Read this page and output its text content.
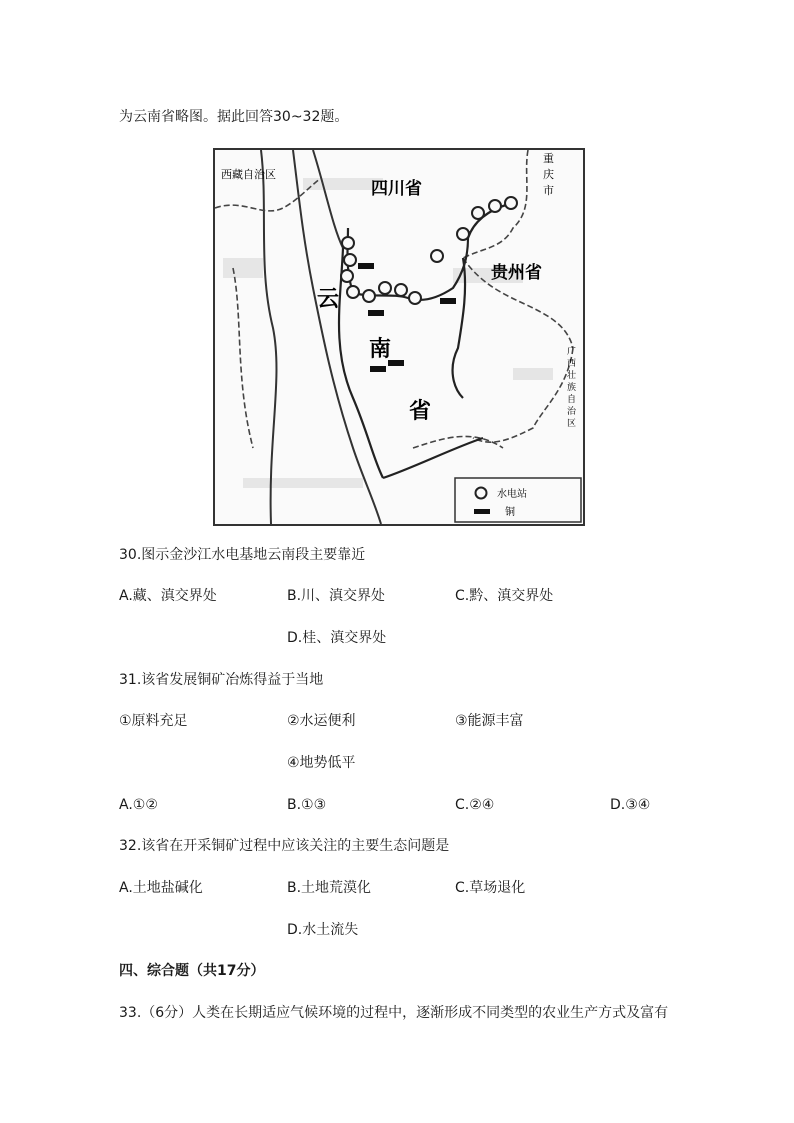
为云南省略图。据此回答30~32题。
西藏自治区
四川省
重
庆
市
贵州省
云
南
省
广
西
壮
族
自
治
区
水电站
铜
30.图示金沙江水电基地云南段主要靠近
A.藏、滇交界处	B.川、滇交界处	C.黔、滇交界处
D.桂、滇交界处
31.该省发展铜矿冶炼得益于当地
①原料充足	②水运便利	③能源丰富
④地势低平
A.①②	B.①③	C.②④	D.③④
32.该省在开采铜矿过程中应该关注的主要生态问题是
A.土地盐碱化	B.土地荒漠化	C.草场退化
D.水土流失
四、综合题（共17分）
33.（6分）人类在长期适应气候环境的过程中，逐渐形成不同类型的农业生产方式及富有
